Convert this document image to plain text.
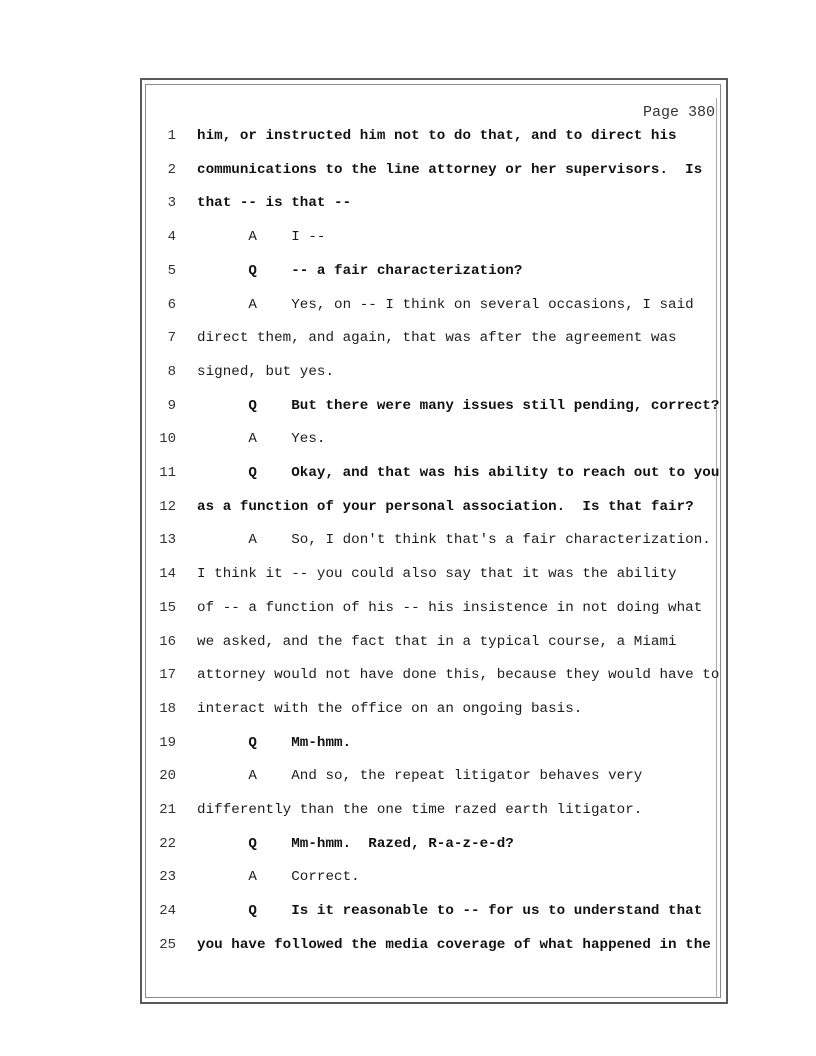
Page 380
1 him, or instructed him not to do that, and to direct his
2 communications to the line attorney or her supervisors.  Is
3 that -- is that --
4 A    I --
5 Q    -- a fair characterization?
6 A    Yes, on -- I think on several occasions, I said
7 direct them, and again, that was after the agreement was
8 signed, but yes.
9 Q    But there were many issues still pending, correct?
10 A    Yes.
11 Q    Okay, and that was his ability to reach out to you
12 as a function of your personal association.  Is that fair?
13 A    So, I don't think that's a fair characterization.
14 I think it -- you could also say that it was the ability
15 of -- a function of his -- his insistence in not doing what
16 we asked, and the fact that in a typical course, a Miami
17 attorney would not have done this, because they would have to
18 interact with the office on an ongoing basis.
19 Q    Mm-hmm.
20 A    And so, the repeat litigator behaves very
21 differently than the one time razed earth litigator.
22 Q    Mm-hmm.  Razed, R-a-z-e-d?
23 A    Correct.
24 Q    Is it reasonable to -- for us to understand that
25 you have followed the media coverage of what happened in the
